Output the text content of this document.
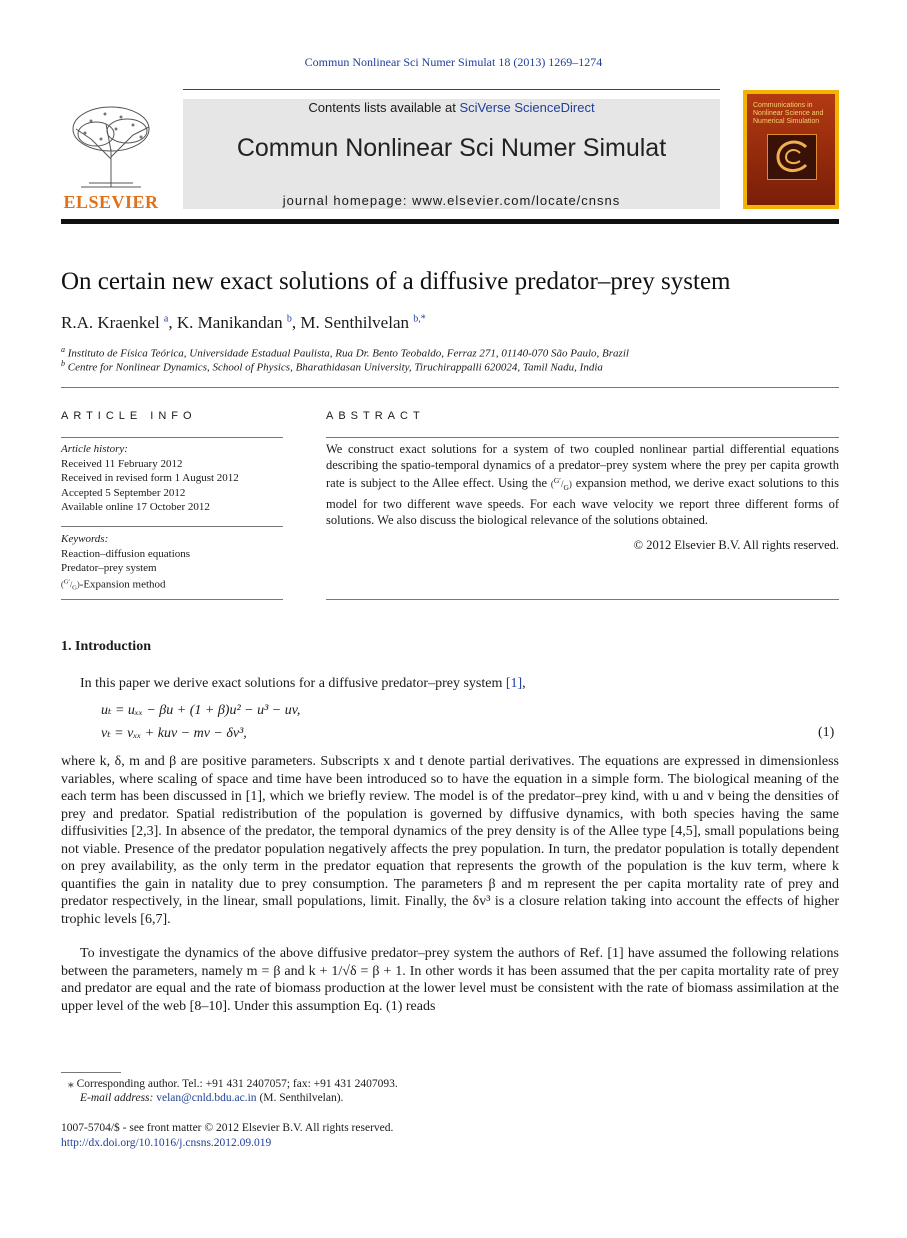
Commun Nonlinear Sci Numer Simulat 18 (2013) 1269–1274
ELSEVIER
Contents lists available at SciVerse ScienceDirect
Commun Nonlinear Sci Numer Simulat
journal homepage: www.elsevier.com/locate/cnsns
Communications in Nonlinear Science and Numerical Simulation
On certain new exact solutions of a diffusive predator–prey system
R.A. Kraenkel $^a$, K. Manikandan $^b$, M. Senthilvelan $^{b,*}$
$^a$ Instituto de Física Teórica, Universidade Estadual Paulista, Rua Dr. Bento Teobaldo, Ferraz 271, 01140-070 São Paulo, Brazil
$^b$ Centre for Nonlinear Dynamics, School of Physics, Bharathidasan University, Tiruchirappalli 620024, Tamil Nadu, India
ARTICLE INFO
Article history:
Received 11 February 2012
Received in revised form 1 August 2012
Accepted 5 September 2012
Available online 17 October 2012
Keywords:
Reaction–diffusion equations
Predator–prey system
$(^{G'}/_G)$-Expansion method
ABSTRACT
We construct exact solutions for a system of two coupled nonlinear partial differential equations describing the spatio-temporal dynamics of a predator–prey system where the prey per capita growth rate is subject to the Allee effect. Using the $(^{G'}/_G)$ expansion method, we derive exact solutions to this model for two different wave speeds. For each wave velocity we report three different forms of solutions. We also discuss the biological relevance of the solutions obtained.
© 2012 Elsevier B.V. All rights reserved.
1. Introduction
In this paper we derive exact solutions for a diffusive predator–prey system [1],
uₜ = uₓₓ − βu + (1 + β)u² − u³ − uv,
vₜ = vₓₓ + kuv − mv − δv³,	(1)
where k, δ, m and β are positive parameters. Subscripts x and t denote partial derivatives. The equations are expressed in dimensionless variables, where scaling of space and time have been introduced so to have the equation in a simple form. The biological meaning of the each term has been discussed in [1], which we briefly review. The model is of the predator–prey kind, with u and v being the densities of prey and predator. Spatial redistribution of the population is governed by diffusive dynamics, with both species having the same diffusivities [2,3]. In absence of the predator, the temporal dynamics of the prey density is of the Allee type [4,5], small populations being not viable. Presence of the predator population negatively affects the prey population. In turn, the predator population is totally dependent on prey availability, as the only term in the predator equation that represents the growth of the population is the kuv term, where k quantifies the gain in natality due to prey consumption. The parameters β and m represent the per capita mortality rate of prey and predator respectively, in the linear, small populations, limit. Finally, the δv³ is a closure relation taking into account the effects of higher trophic levels [6,7].
To investigate the dynamics of the above diffusive predator–prey system the authors of Ref. [1] have assumed the following relations between the parameters, namely m = β and k + 1/√δ = β + 1. In other words it has been assumed that the per capita mortality rate of prey and predator are equal and the rate of biomass production at the lower level must be consistent with the rate of biomass assimilation at the upper level of the web [8–10]. Under this assumption Eq. (1) reads
⁎ Corresponding author. Tel.: +91 431 2407057; fax: +91 431 2407093.
E-mail address: velan@cnld.bdu.ac.in (M. Senthilvelan).
1007-5704/$ - see front matter © 2012 Elsevier B.V. All rights reserved.
http://dx.doi.org/10.1016/j.cnsns.2012.09.019
